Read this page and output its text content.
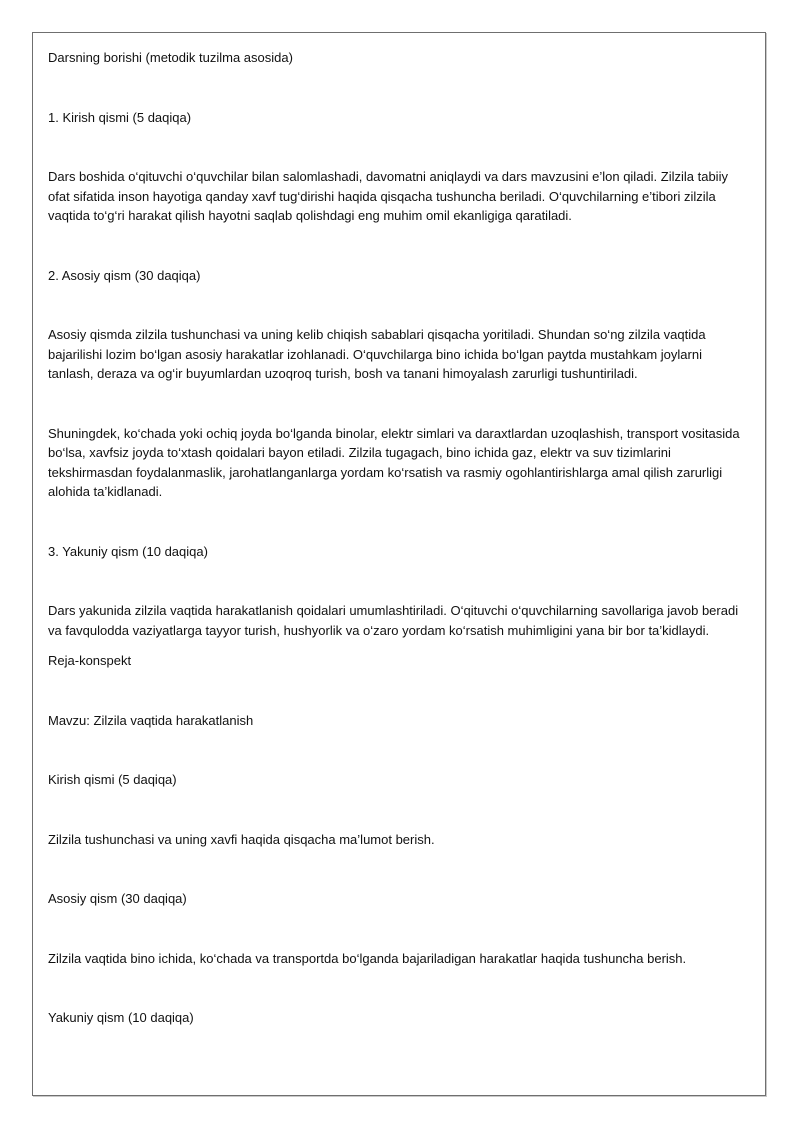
Darsning borishi (metodik tuzilma asosida)

1. Kirish qismi (5 daqiqa)

Dars boshida o‘qituvchi o‘quvchilar bilan salomlashadi, davomatni aniqlaydi va dars mavzusini e’lon qiladi. Zilzila tabiiy ofat sifatida inson hayotiga qanday xavf tug‘dirishi haqida qisqacha tushuncha beriladi. O‘quvchilarning e’tibori zilzila vaqtida to‘g‘ri harakat qilish hayotni saqlab qolishdagi eng muhim omil ekanligiga qaratiladi.

2. Asosiy qism (30 daqiqa)

Asosiy qismda zilzila tushunchasi va uning kelib chiqish sabablari qisqacha yoritiladi. Shundan so‘ng zilzila vaqtida bajarilishi lozim bo‘lgan asosiy harakatlar izohlanadi. O‘quvchilarga bino ichida bo‘lgan paytda mustahkam joylarni tanlash, deraza va og‘ir buyumlardan uzoqroq turish, bosh va tanani himoyalash zarurligi tushuntiriladi.

Shuningdek, ko‘chada yoki ochiq joyda bo‘lganda binolar, elektr simlari va daraxtlardan uzoqlashish, transport vositasida bo‘lsa, xavfsiz joyda to‘xtash qoidalari bayon etiladi. Zilzila tugagach, bino ichida gaz, elektr va suv tizimlarini tekshirmasdan foydalanmaslik, jarohatlanganlarga yordam ko‘rsatish va rasmiy ogohlantirishlarga amal qilish zarurligi alohida ta’kidlanadi.

3. Yakuniy qism (10 daqiqa)

Dars yakunida zilzila vaqtida harakatlanish qoidalari umumlashtiriladi. O‘qituvchi o‘quvchilarning savollariga javob beradi va favqulodda vaziyatlarga tayyor turish, hushyorlik va o‘zaro yordam ko‘rsatish muhimligini yana bir bor ta’kidlaydi.

Reja-konspekt

Mavzu: Zilzila vaqtida harakatlanish

Kirish qismi (5 daqiqa)

Zilzila tushunchasi va uning xavfi haqida qisqacha ma’lumot berish.

Asosiy qism (30 daqiqa)

Zilzila vaqtida bino ichida, ko‘chada va transportda bo‘lganda bajariladigan harakatlar haqida tushuncha berish.

Yakuniy qism (10 daqiqa)
